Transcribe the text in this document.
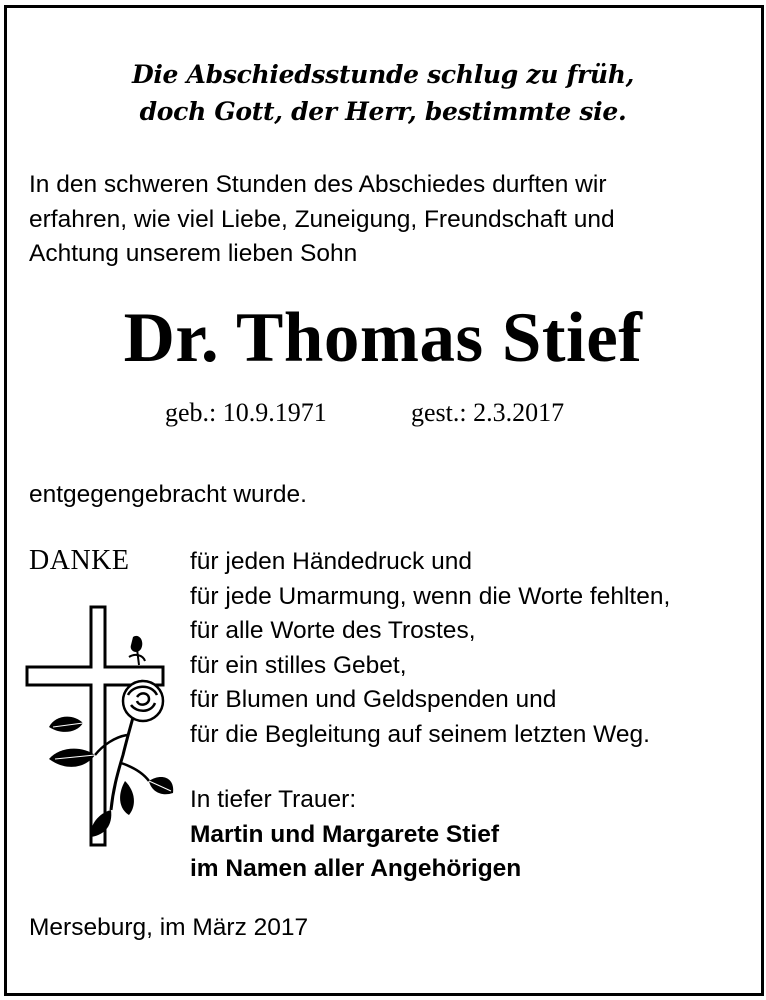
Die Abschiedsstunde schlug zu früh,
doch Gott, der Herr, bestimmte sie.
In den schweren Stunden des Abschiedes durften wir
erfahren, wie viel Liebe, Zuneigung, Freundschaft und
Achtung unserem lieben Sohn
Dr. Thomas Stief
geb.: 10.9.1971	gest.: 2.3.2017
entgegengebracht wurde.
DANKE für jeden Händedruck und
für jede Umarmung, wenn die Worte fehlten,
für alle Worte des Trostes,
für ein stilles Gebet,
für Blumen und Geldspenden und
für die Begleitung auf seinem letzten Weg.
In tiefer Trauer:
Martin und Margarete Stief
im Namen aller Angehörigen
Merseburg, im März 2017
